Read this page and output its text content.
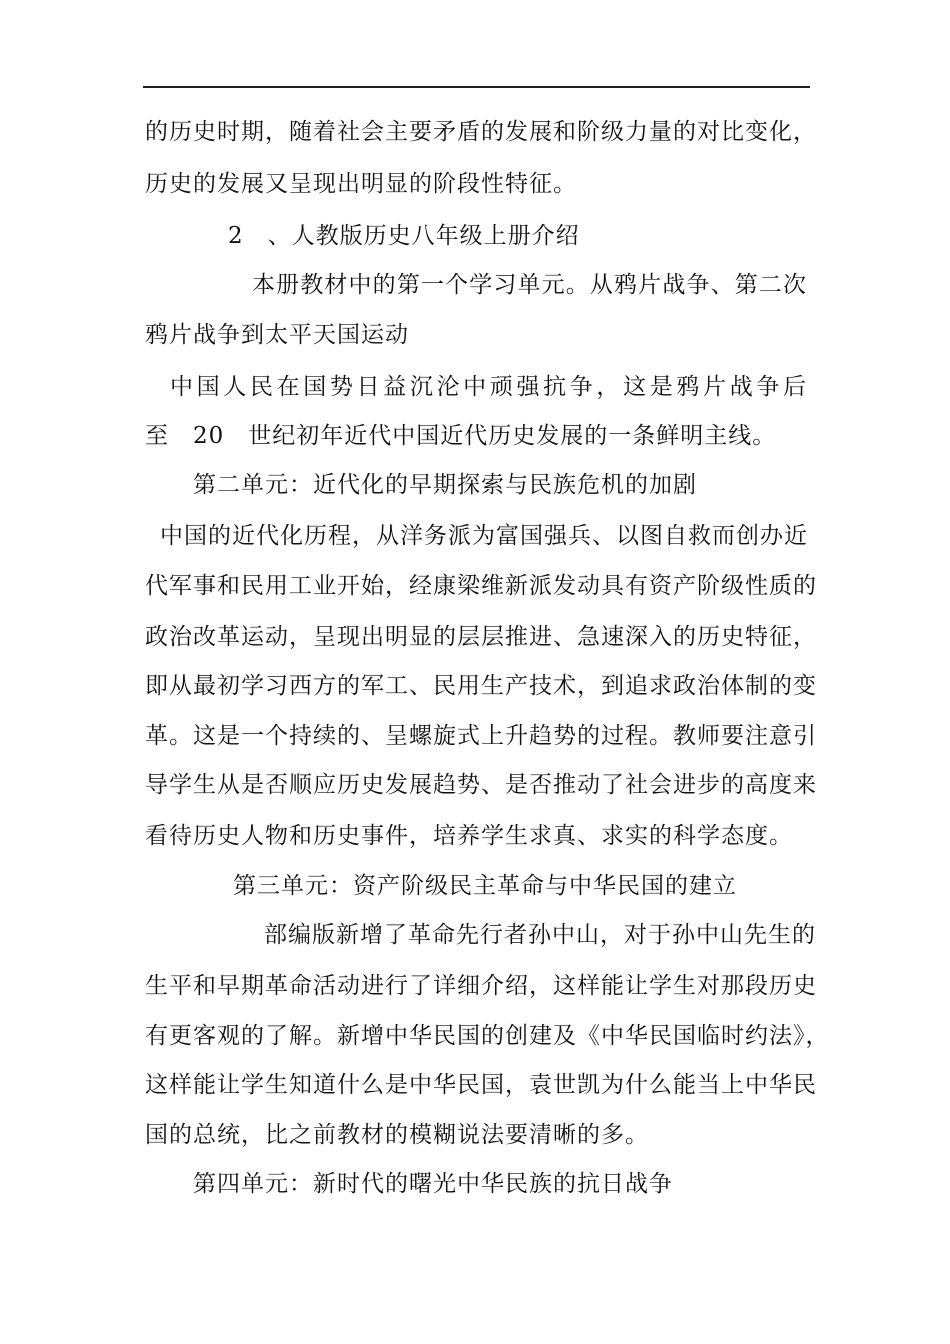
的历史时期，随着社会主要矛盾的发展和阶级力量的对比变化，
历史的发展又呈现出明显的阶段性特征。
2　、人教版历史八年级上册介绍
本册教材中的第一个学习单元。从鸦片战争、第二次
鸦片战争到太平天国运动
中国人民在国势日益沉沦中顽强抗争，这是鸦片战争后
至 20 世纪初年近代中国近代历史发展的一条鲜明主线。
第二单元：近代化的早期探索与民族危机的加剧
中国的近代化历程，从洋务派为富国强兵、以图自救而创办近
代军事和民用工业开始，经康梁维新派发动具有资产阶级性质的
政治改革运动，呈现出明显的层层推进、急速深入的历史特征，
即从最初学习西方的军工、民用生产技术，到追求政治体制的变
革。这是一个持续的、呈螺旋式上升趋势的过程。教师要注意引
导学生从是否顺应历史发展趋势、是否推动了社会进步的高度来
看待历史人物和历史事件，培养学生求真、求实的科学态度。
第三单元：资产阶级民主革命与中华民国的建立
部编版新增了革命先行者孙中山，对于孙中山先生的
生平和早期革命活动进行了详细介绍，这样能让学生对那段历史
有更客观的了解。新增中华民国的创建及《中华民国临时约法》，
这样能让学生知道什么是中华民国，袁世凯为什么能当上中华民
国的总统，比之前教材的模糊说法要清晰的多。
第四单元：新时代的曙光中华民族的抗日战争
